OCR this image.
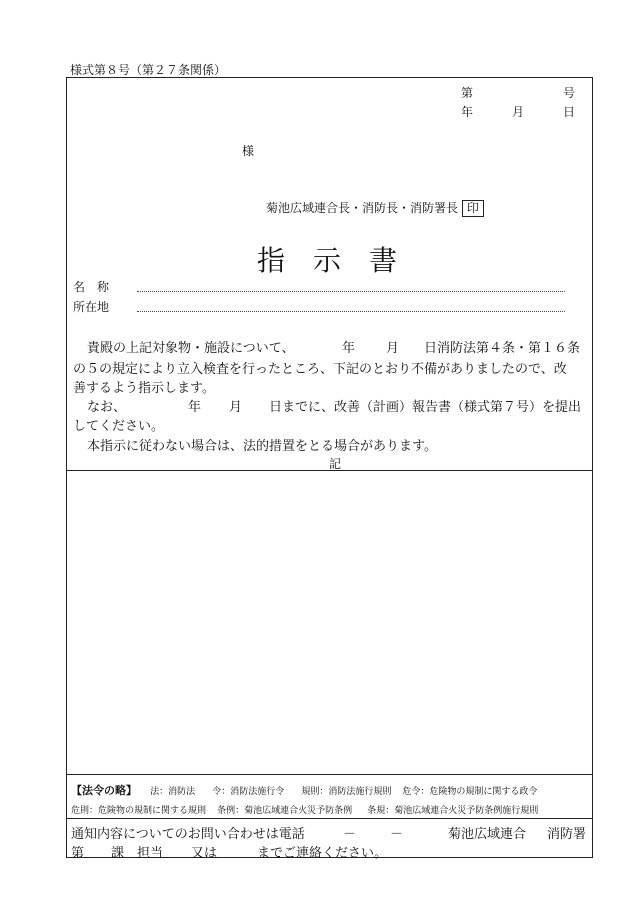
様式第８号（第２７条関係）
第	号
年	月	日
様
菊池広域連合長・消防長・消防署長 印
指 示 書
名　称
所在地
貴殿の上記対象物・施設について、	年 月 日消防法第４条・第１６条
の５の規定により立入検査を行ったところ、下記のとおり不備がありましたので、改
善するよう指示します。
なお、	年 月 日までに、改善（計画）報告書（様式第７号）を提出
してください。
本指示に従わない場合は、法的措置をとる場合があります。
記
【法令の略】 法：消防法 令：消防法施行令 規則：消防法施行規則 危令：危険物の規制に関する政令
危則：危険物の規制に関する規則 条例：菊池広域連合火災予防条例 条規：菊池広域連合火災予防条例施行規則
通知内容についてのお問い合わせは電話	－	－	菊池広域連合 消防署
第 課 担当 又は	までご連絡ください。
